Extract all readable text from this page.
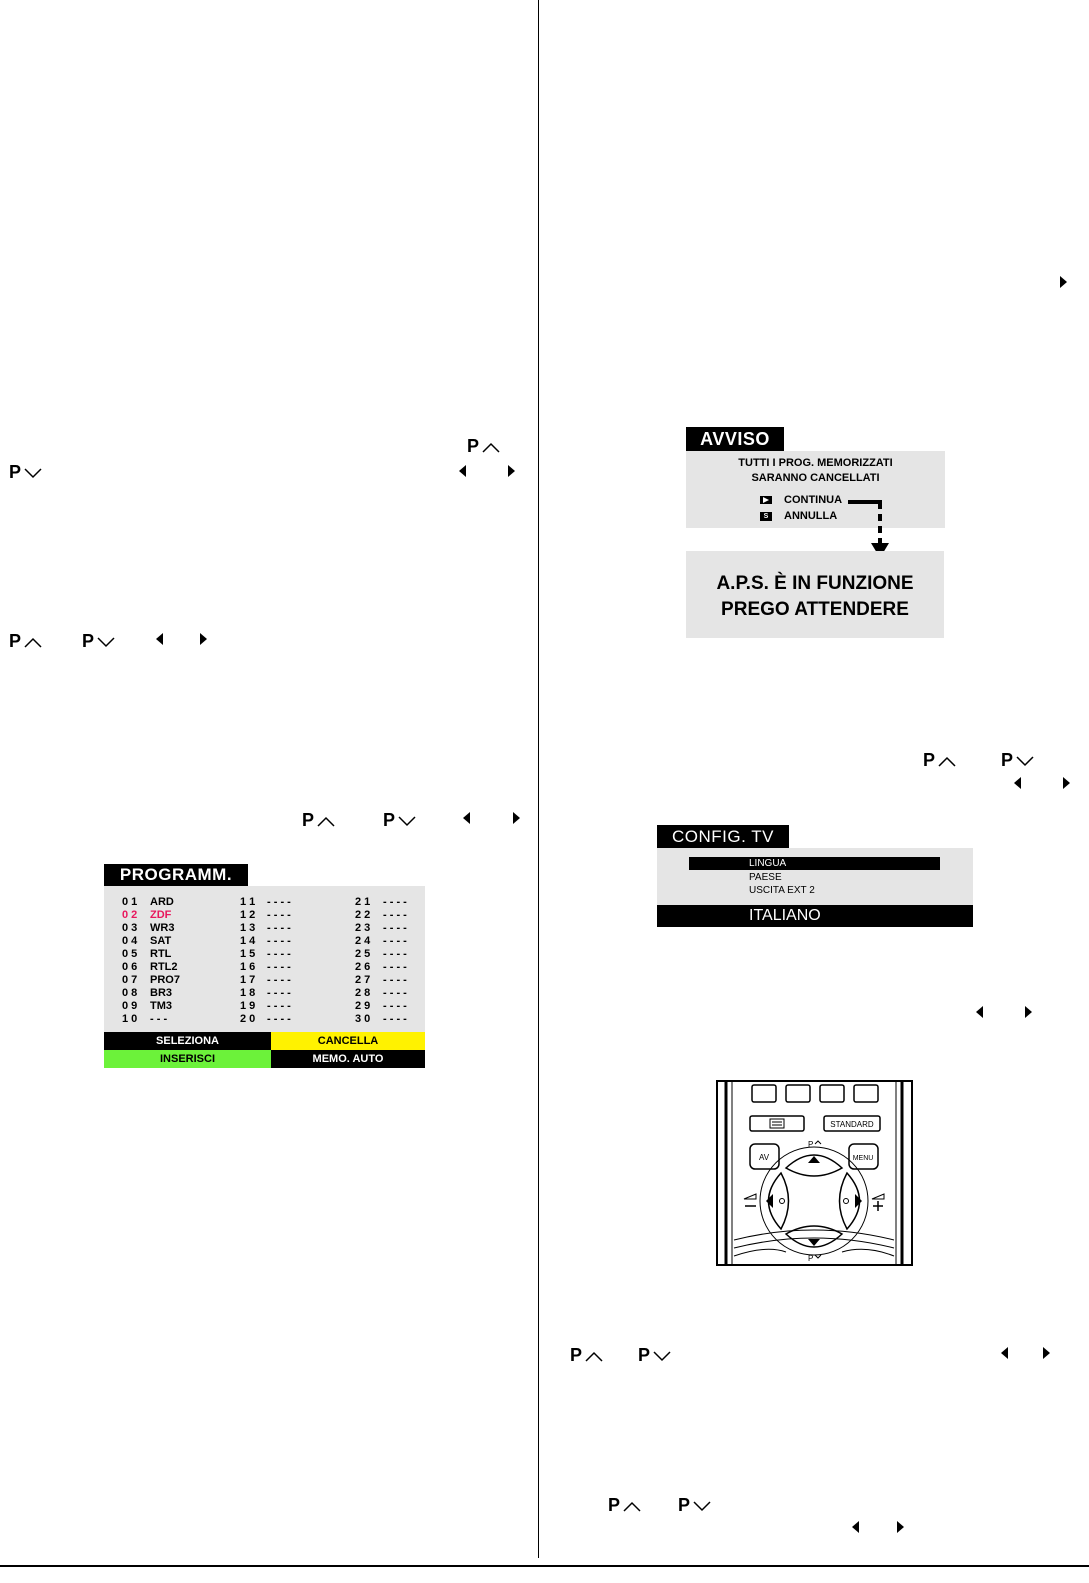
P
P
P	P
P	P
P	P
P	P
P	P
PROGRAMM.
0 1 ARD	1 1 - - - -	2 1 - - - -
0 2 ZDF	1 2 - - - -	2 2 - - - -
0 3 WR3	1 3 - - - -	2 3 - - - -
0 4 SAT	1 4 - - - -	2 4 - - - -
0 5 RTL	1 5 - - - -	2 5 - - - -
0 6 RTL2	1 6 - - - -	2 6 - - - -
0 7 PRO7	1 7 - - - -	2 7 - - - -
0 8 BR3	1 8 - - - -	2 8 - - - -
0 9 TM3	1 9 - - - -	2 9 - - - -
1 0 - - -	2 0 - - - -	3 0 - - - -
SELEZIONA	CANCELLA
INSERISCI	MEMO. AUTO
AVVISO
TUTTI I PROG. MEMORIZZATI
SARANNO CANCELLATI
CONTINUA
S	ANNULLA
A.P.S. È IN FUNZIONE
PREGO ATTENDERE
CONFIG. TV
LINGUA
PAESE
USCITA EXT 2
ITALIANO
STANDARD
AV	MENU
P
P
